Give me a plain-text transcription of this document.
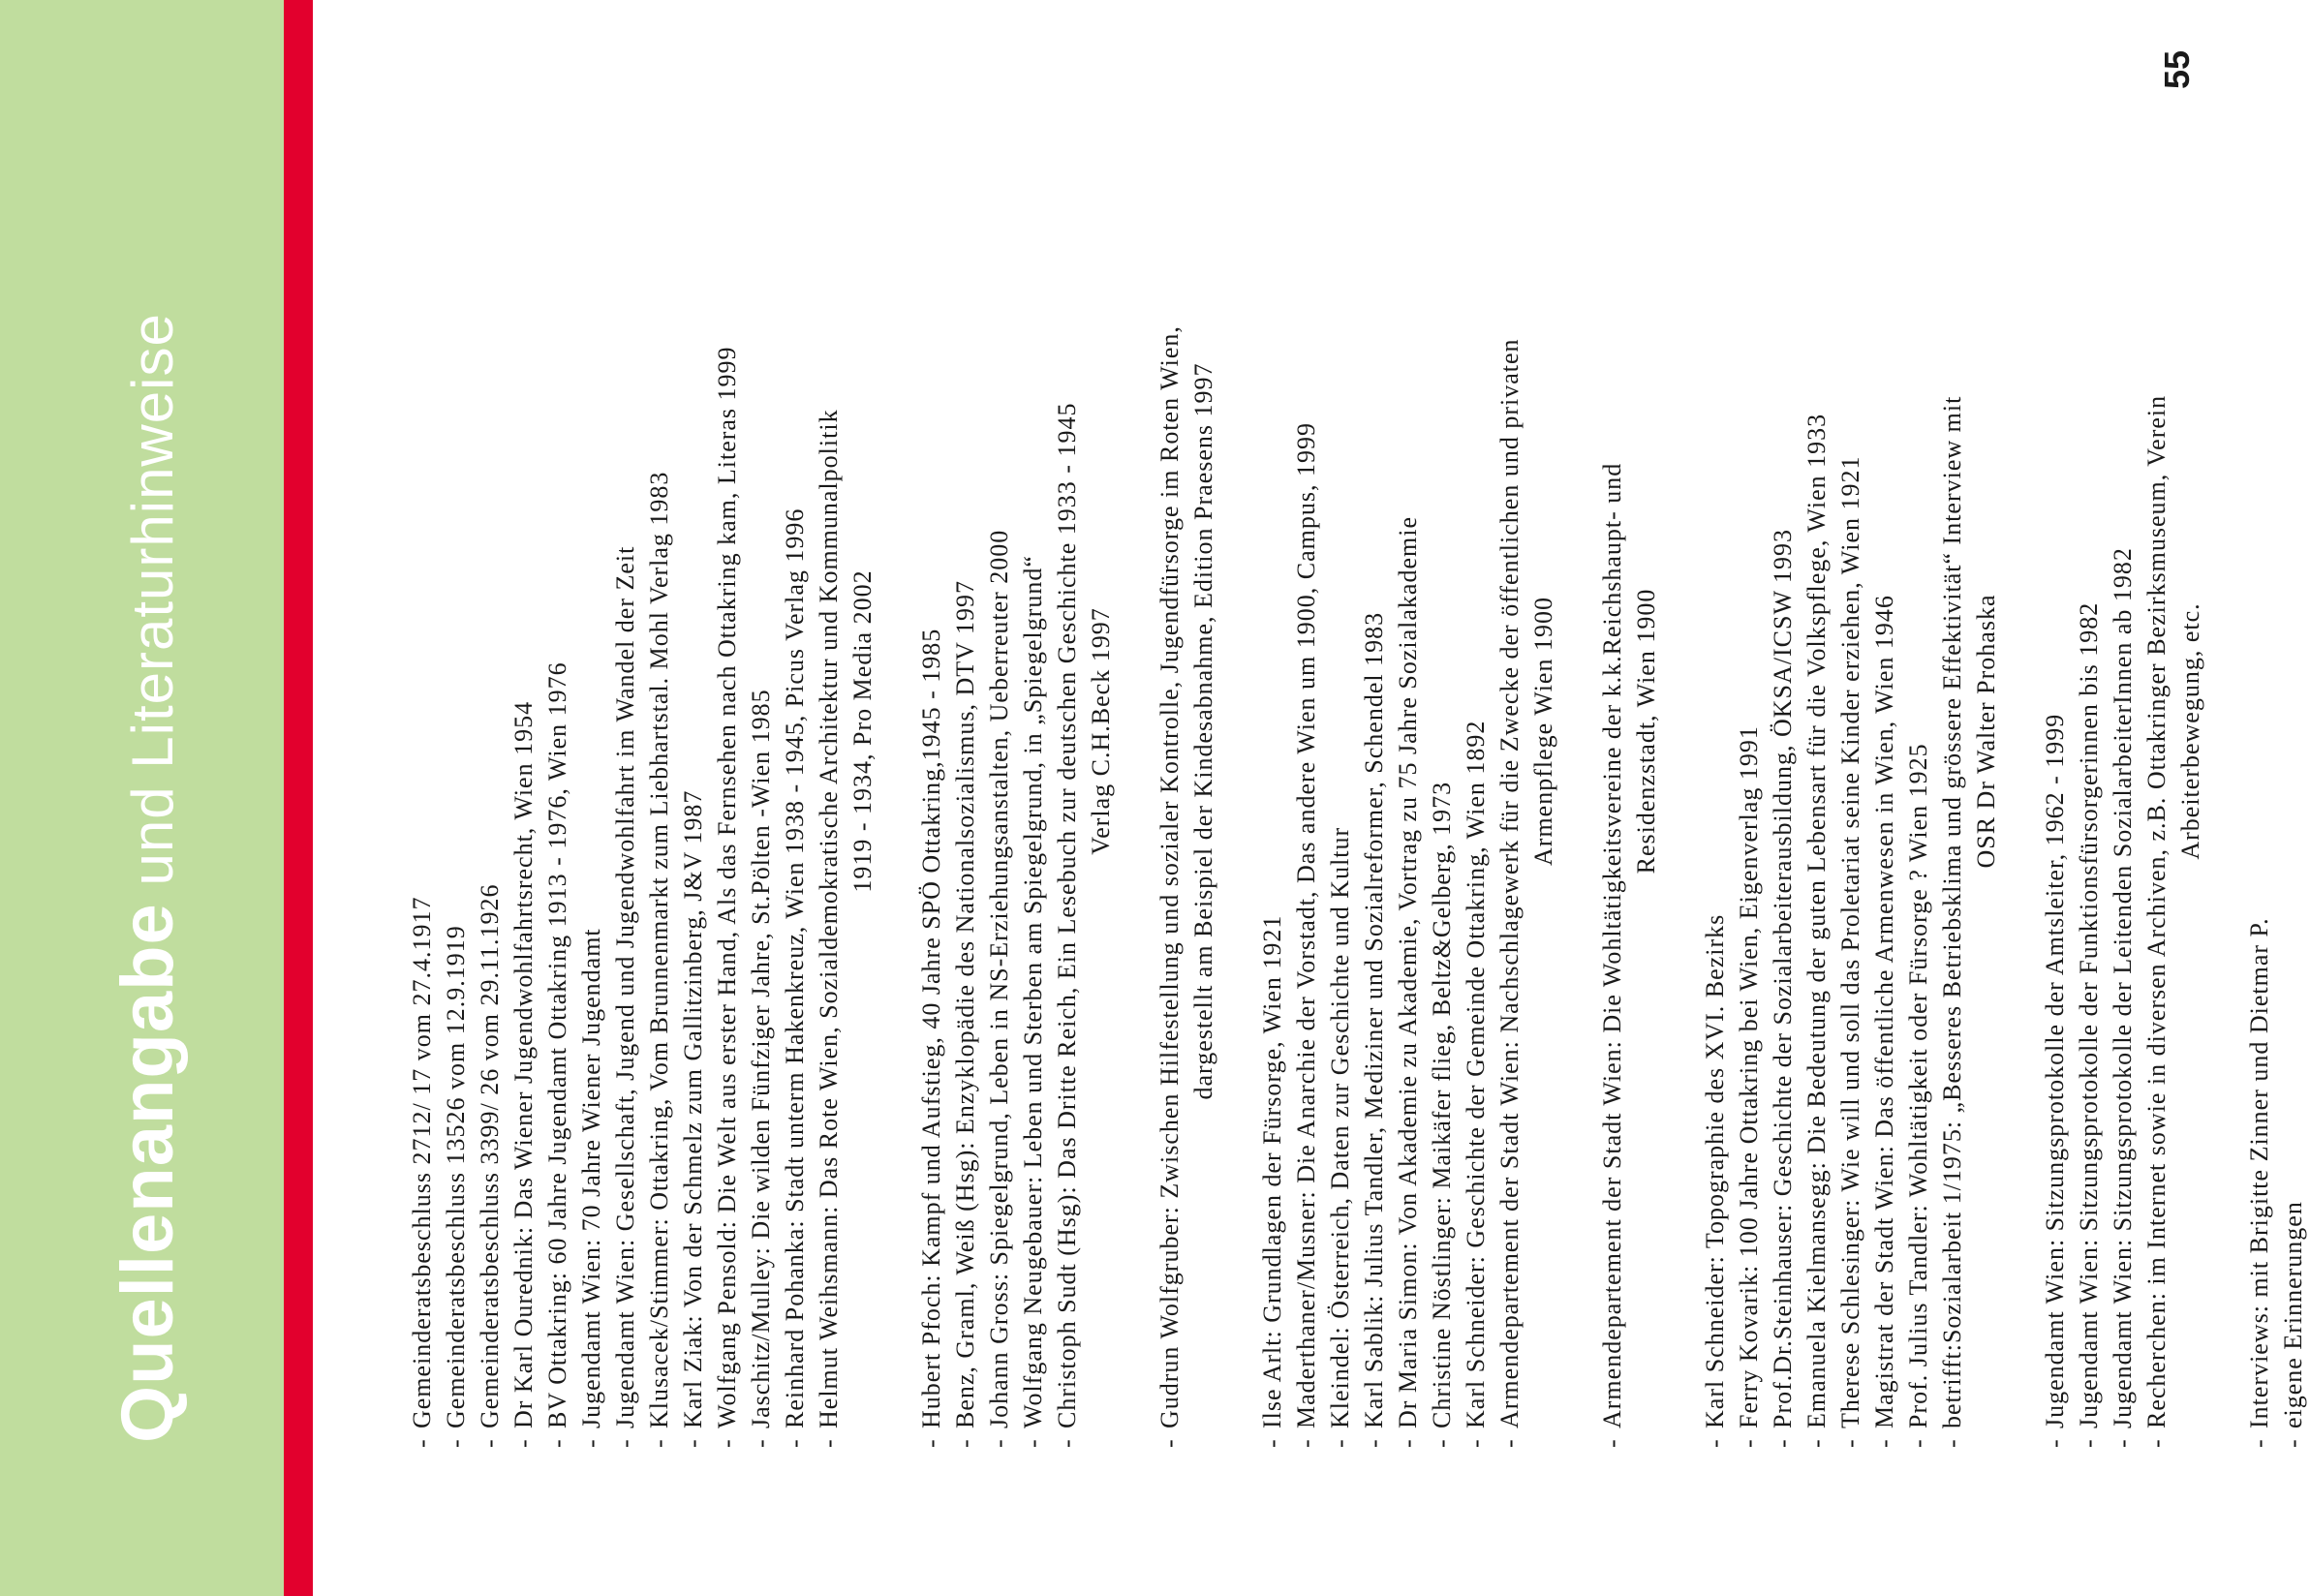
Quellenangabe und Literaturhinweise
55
-Gemeinderatsbeschluss 2712/ 17 vom 27.4.1917
-Gemeinderatsbeschluss 13526 vom 12.9.1919
-Gemeinderatsbeschluss 3399/ 26 vom 29.11.1926
-Dr Karl Ourednik: Das Wiener Jugendwohlfahrtsrecht, Wien 1954
-BV Ottakring: 60 Jahre Jugendamt Ottakring 1913 - 1976, Wien 1976
-Jugendamt Wien: 70 Jahre Wiener Jugendamt
-Jugendamt Wien: Gesellschaft, Jugend und Jugendwohlfahrt im Wandel der Zeit
-Klusacek/Stimmer: Ottakring, Vom Brunnenmarkt zum Liebhartstal. Mohl Verlag 1983
-Karl Ziak: Von der Schmelz zum Gallitzinberg, J&V 1987
-Wolfgang Pensold: Die Welt aus erster Hand, Als das Fernsehen nach Ottakring kam, Literas 1999
-Jaschitz/Mulley: Die wilden Fünfziger Jahre, St.Pölten -Wien 1985
-Reinhard Pohanka: Stadt unterm Hakenkreuz, Wien 1938 - 1945, Picus Verlag 1996
-Helmut Weihsmann: Das Rote Wien, Sozialdemokratische Architektur und Kommunalpolitik 1919 - 1934, Pro Media 2002
-Hubert Pfoch: Kampf und Aufstieg, 40 Jahre SPÖ Ottakring,1945 - 1985
-Benz, Graml, Weiß (Hsg): Enzyklopädie des Nationalsozialismus, DTV 1997
-Johann Gross: Spiegelgrund, Leben in NS-Erziehungsanstalten, Ueberreuter 2000
-Wolfgang Neugebauer: Leben und Sterben am Spiegelgrund, in „Spiegelgrund“
-Christoph Sudt (Hsg): Das Dritte Reich, Ein Lesebuch zur deutschen Geschichte 1933 - 1945 Verlag C.H.Beck 1997
-Gudrun Wolfgruber: Zwischen Hilfestellung und sozialer Kontrolle, Jugendfürsorge im Roten Wien, dargestellt am Beispiel der Kindesabnahme, Edition Praesens 1997
-Ilse Arlt: Grundlagen der Fürsorge, Wien 1921
-Maderthaner/Musner: Die Anarchie der Vorstadt, Das andere Wien um 1900, Campus, 1999
-Kleindel: Österreich, Daten zur Geschichte und Kultur
-Karl Sablik: Julius Tandler, Mediziner und Sozialreformer, Schendel 1983
-Dr Maria Simon: Von Akademie zu Akademie, Vortrag zu 75 Jahre Sozialakademie
-Christine Nöstlinger: Maikäfer flieg, Beltz&Gelberg, 1973
-Karl Schneider: Geschichte der Gemeinde Ottakring, Wien 1892
-Armendepartement der Stadt Wien: Nachschlagewerk für die Zwecke der öffentlichen und privaten Armenpflege Wien 1900
-Armendepartement der Stadt Wien: Die Wohltätigkeitsvereine der k.k.Reichshaupt- und Residenzstadt, Wien 1900
-Karl Schneider: Topographie des XVI. Bezirks
-Ferry Kovarik: 100 Jahre Ottakring bei Wien, Eigenverlag 1991
-Prof.Dr.Steinhauser: Geschichte der Sozialarbeiterausbildung, ÖKSA/ICSW 1993
-Emanuela Kielmansegg: Die Bedeutung der guten Lebensart für die Volkspflege, Wien 1933
-Therese Schlesinger: Wie will und soll das Proletariat seine Kinder erziehen, Wien 1921
-Magistrat der Stadt Wien: Das öffentliche Armenwesen in Wien, Wien 1946
-Prof. Julius Tandler: Wohltätigkeit oder Fürsorge ? Wien 1925
-betrifft:Sozialarbeit 1/1975: „Besseres Betriebsklima und grössere Effektivität“ Interview mit OSR Dr Walter Prohaska
-Jugendamt Wien: Sitzungsprotokolle der Amtsleiter, 1962 - 1999
-Jugendamt Wien: Sitzungsprotokolle der Funktionsfürsorgerinnen bis 1982
-Jugendamt Wien: Sitzungsprotokolle der Leitenden SozialarbeiterInnen ab 1982
-Recherchen: im Internet sowie in diversen Archiven, z.B. Ottakringer Bezirksmuseum, Verein Arbeiterbewegung, etc.
-Interviews: mit Brigitte Zinner und Dietmar P.
-eigene Erinnerungen
